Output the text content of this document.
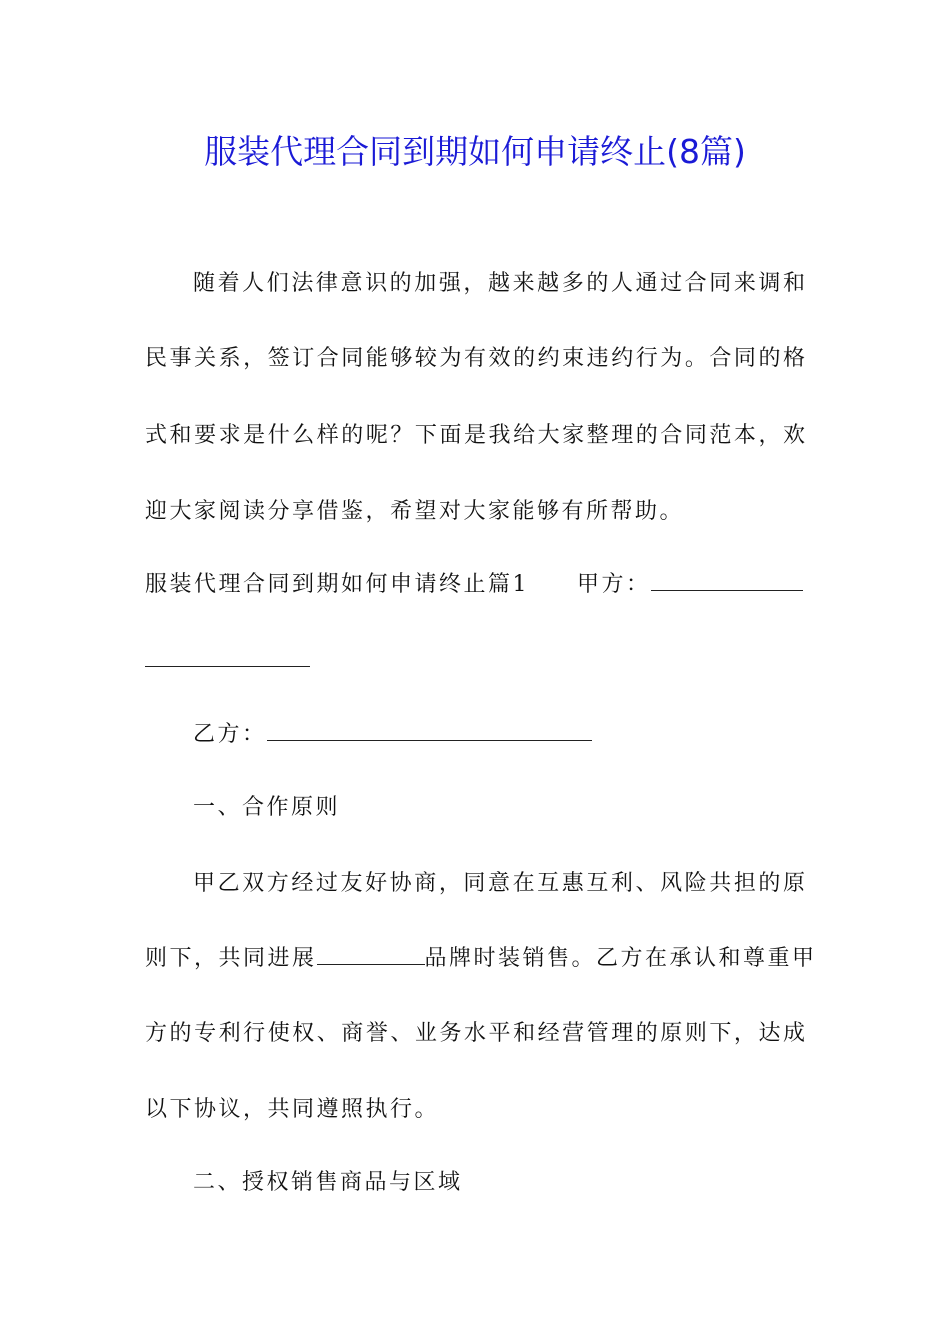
服装代理合同到期如何申请终止(8篇)
随着人们法律意识的加强，越来越多的人通过合同来调和
民事关系，签订合同能够较为有效的约束违约行为。合同的格
式和要求是什么样的呢？下面是我给大家整理的合同范本，欢
迎大家阅读分享借鉴，希望对大家能够有所帮助。
服装代理合同到期如何申请终止篇1 甲方：
乙方：
一、合作原则
甲乙双方经过友好协商，同意在互惠互利、风险共担的原
则下，共同进展	品牌时装销售。乙方在承认和尊重甲
方的专利行使权、商誉、业务水平和经营管理的原则下，达成
以下协议，共同遵照执行。
二、授权销售商品与区域
